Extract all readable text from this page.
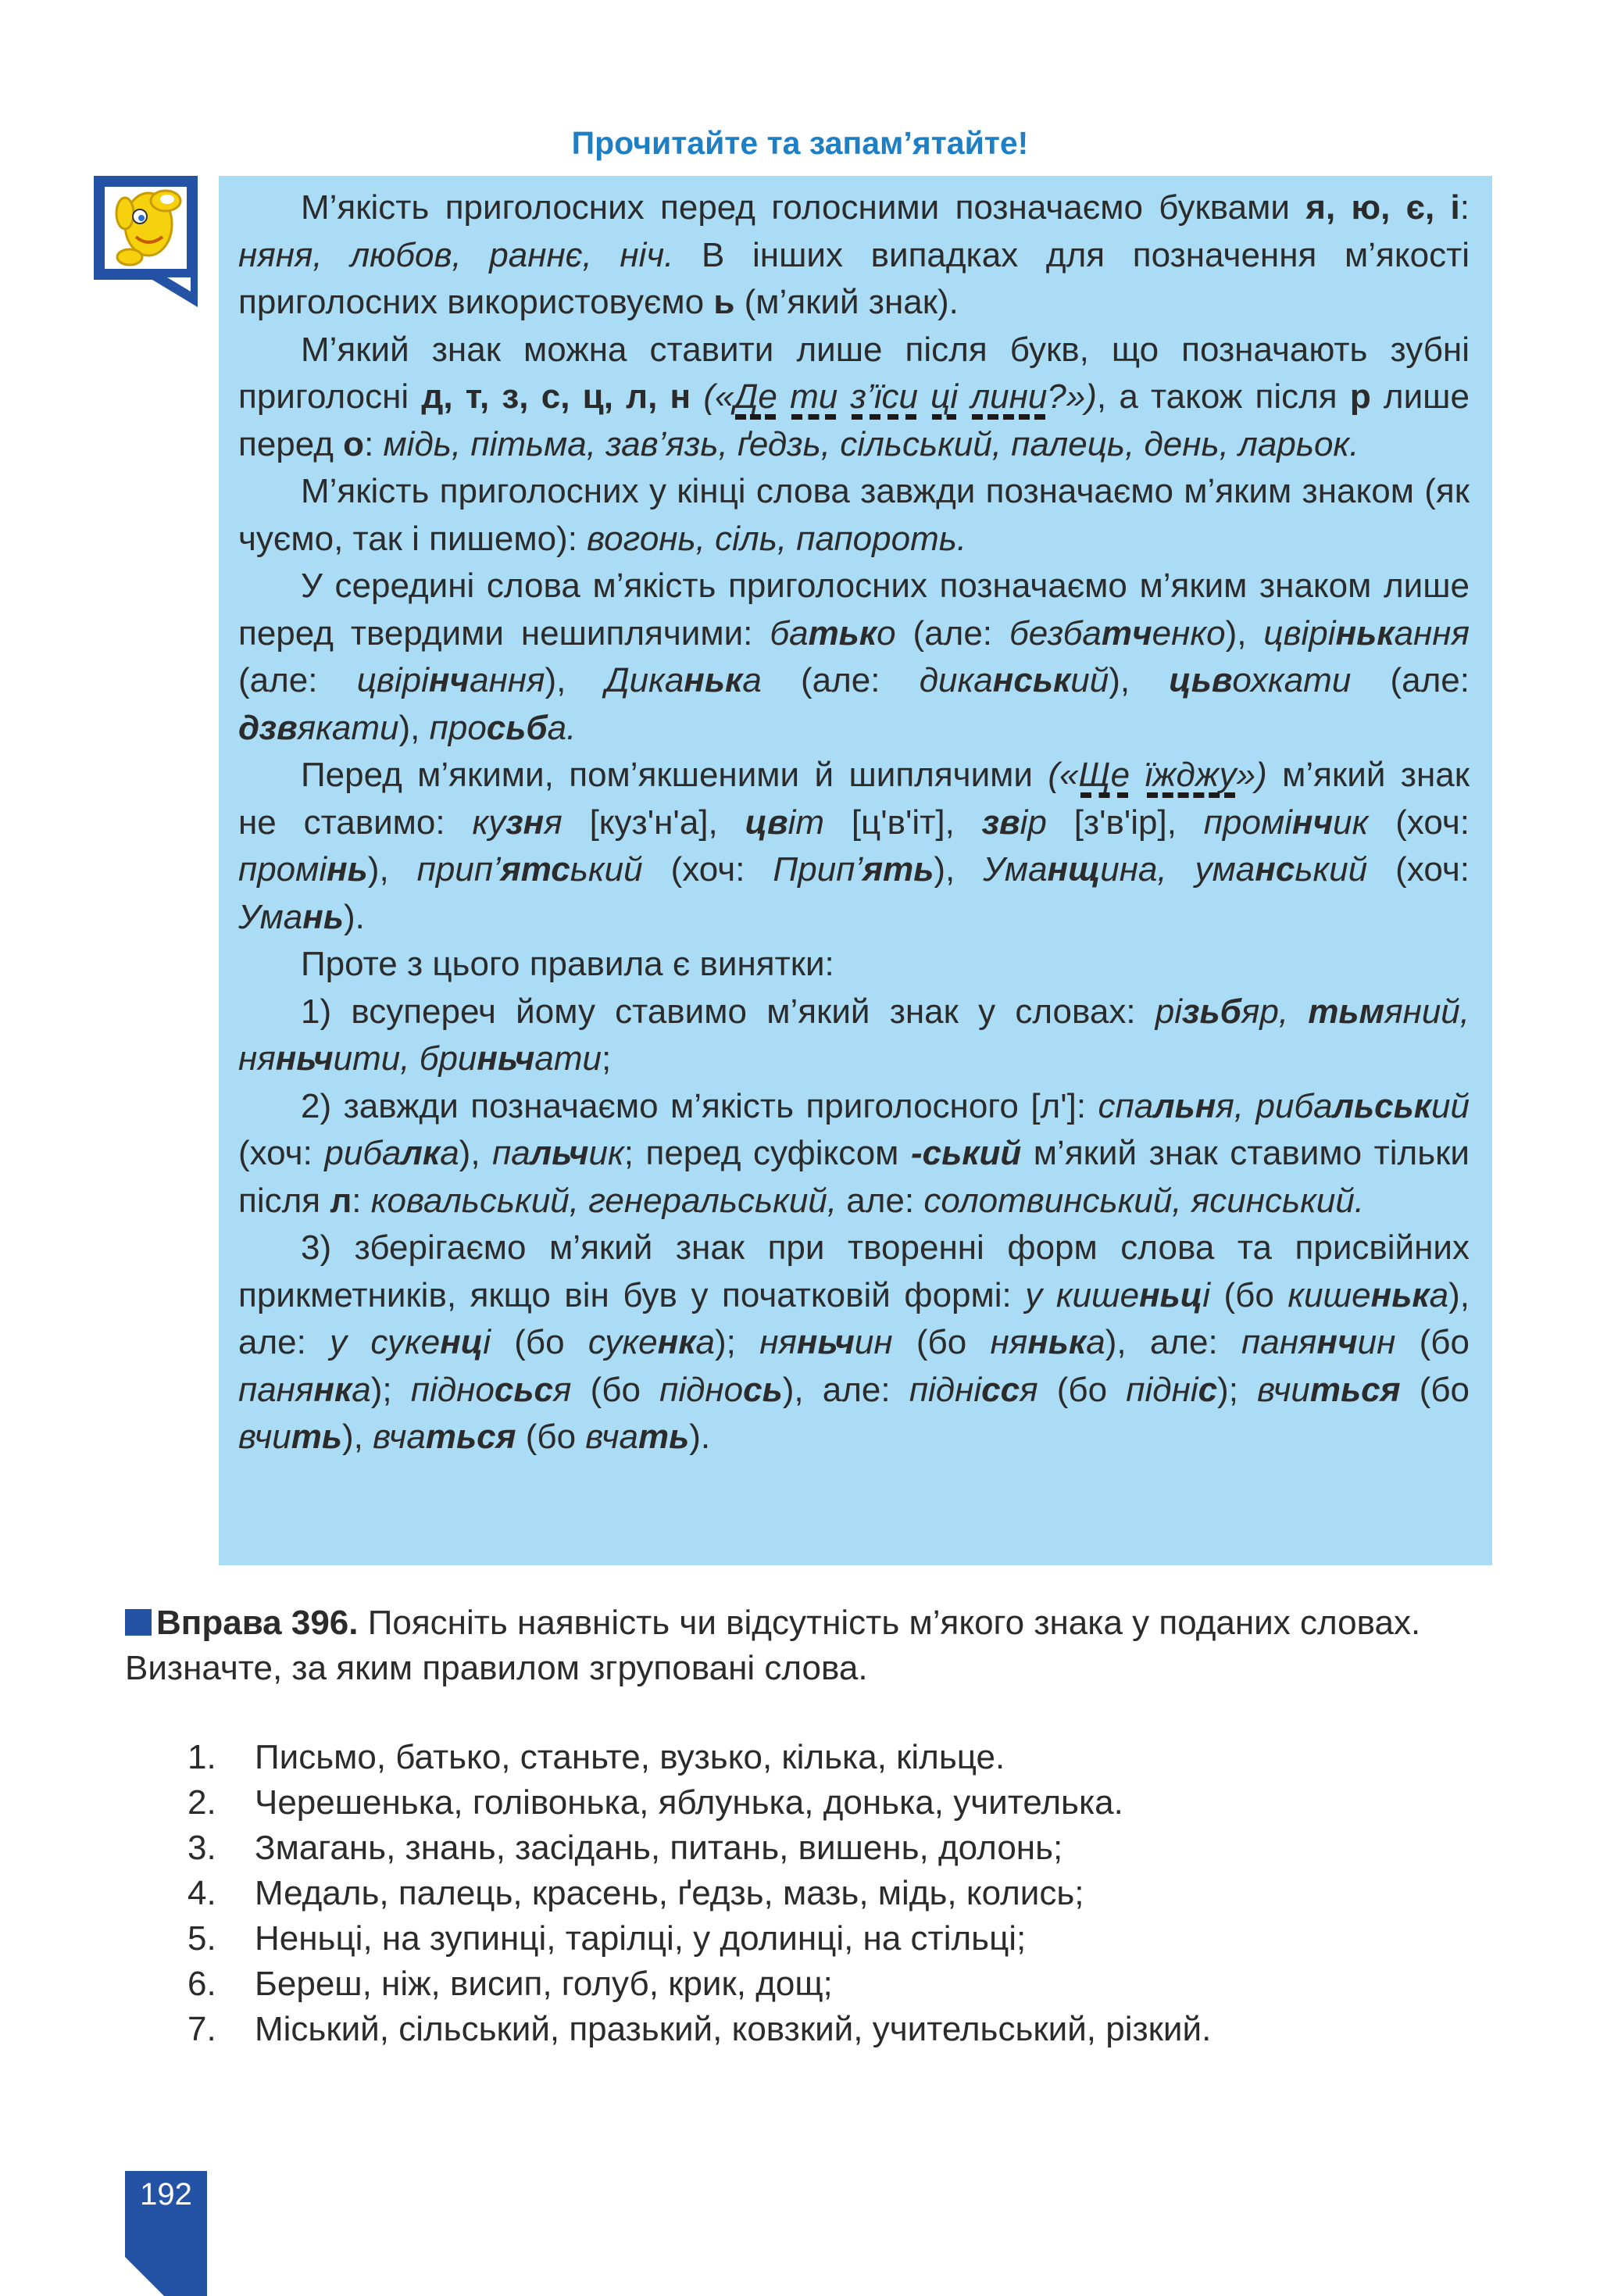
Прочитайте та запам’ятайте!

М’якість приголосних перед голосними позначаємо буквами я, ю, є, і: няня, любов, раннє, ніч. В інших випадках для позначення м’якості приголосних використовуємо ь (м’який знак).

М’який знак можна ставити лише після букв, що позначають зубні приголосні д, т, з, с, ц, л, н («Де ти з’їси ці лини?»), а також після р лише перед о: мідь, пітьма, зав’язь, ґедзь, сільський, палець, день, ларьок.

М’якість приголосних у кінці слова завжди позначаємо м’яким знаком (як чуємо, так і пишемо): вогонь, сіль, папороть.

У середині слова м’якість приголосних позначаємо м’яким знаком лише перед твердими нешиплячими: батько (але: безбатченко), цвірінькання (але: цвірінчання), Диканька (але: диканський), цьвохкати (але: дзвякати), просьба.

Перед м’якими, пом’якшеними й шиплячими («Ще їжджу») м’який знак не ставимо: кузня [куз'н'а], цвіт [ц'в'іт], звір [з'в'ір], промінчик (хоч: промінь), прип’ятський (хоч: Прип’ять), Уманщина, уманський (хоч: Умань).

Проте з цього правила є винятки:

1) всупереч йому ставимо м’який знак у словах: різьбяр, тьмяний, няньчити, бриньчати;

2) завжди позначаємо м’якість приголосного [л']: спальня, рибальський (хоч: рибалка), пальчик; перед суфіксом -ський м’який знак ставимо тільки після л: ковальський, генеральський, але: солотвинський, ясинський.

3) зберігаємо м’який знак при творенні форм слова та присвійних прикметників, якщо він був у початковій формі: у кишеньці (бо кишенька), але: у сукенці (бо сукенка); няньчин (бо нянька), але: панянчин (бо панянка); підносься (бо піднось), але: піднісся (бо підніс); вчиться (бо вчить), вчаться (бо вчать).

Вправа 396. Поясніть наявність чи відсутність м’якого знака у поданих словах. Визначте, за яким правилом згруповані слова.
1. Письмо, батько, станьте, вузько, кілька, кільце.
2. Черешенька, голівонька, яблунька, донька, учителька.
3. Змагань, знань, засідань, питань, вишень, долонь;
4. Медаль, палець, красень, ґедзь, мазь, мідь, колись;
5. Неньці, на зупинці, тарілці, у долинці, на стільці;
6. Береш, ніж, висип, голуб, крик, дощ;
7. Міський, сільський, празький, ковзкий, учительський, різкий.
192
